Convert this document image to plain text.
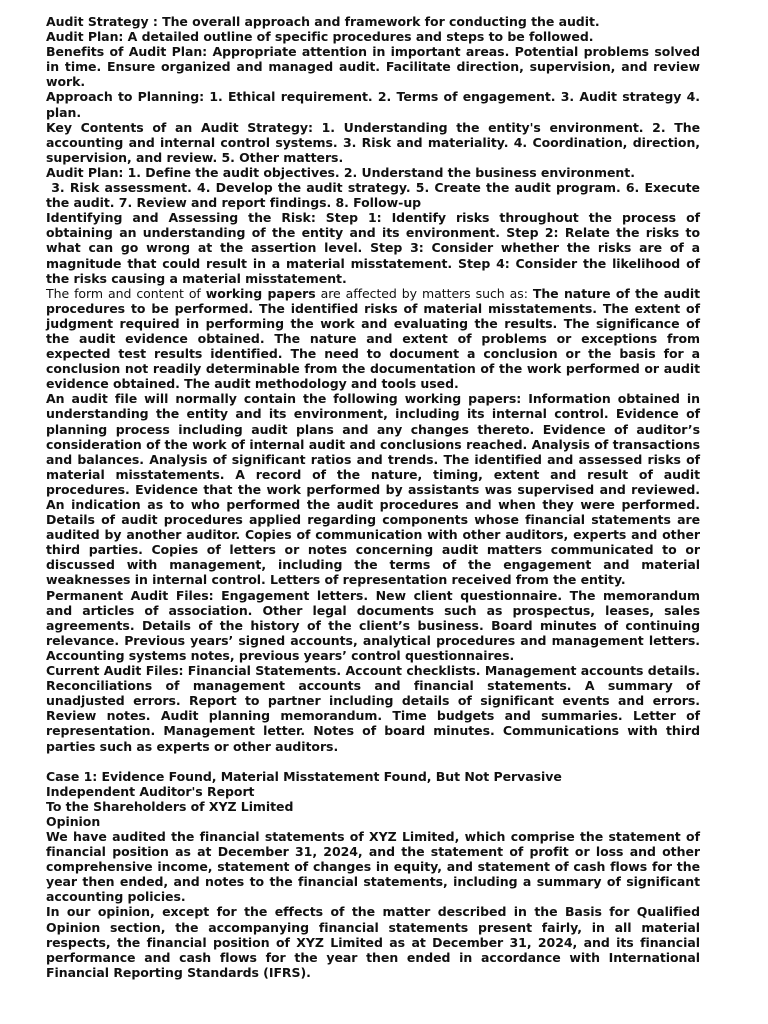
Audit Strategy : The overall approach and framework for conducting the audit.

Audit Plan: A detailed outline of specific procedures and steps to be followed.

Benefits of Audit Plan: Appropriate attention in important areas. Potential problems solved in time. Ensure organized and managed audit. Facilitate direction, supervision, and review work.

Approach to Planning: 1. Ethical requirement. 2. Terms of engagement. 3. Audit strategy 4. plan.

Key Contents of an Audit Strategy: 1. Understanding the entity's environment. 2. The accounting and internal control systems. 3. Risk and materiality. 4. Coordination, direction, supervision, and review. 5. Other matters.

Audit Plan: 1. Define the audit objectives. 2. Understand the business environment.

3. Risk assessment. 4. Develop the audit strategy. 5. Create the audit program. 6. Execute the audit. 7. Review and report findings. 8. Follow-up

Identifying and Assessing the Risk: Step 1: Identify risks throughout the process of obtaining an understanding of the entity and its environment. Step 2: Relate the risks to what can go wrong at the assertion level. Step 3: Consider whether the risks are of a magnitude that could result in a material misstatement. Step 4: Consider the likelihood of the risks causing a material misstatement.

The form and content of working papers are affected by matters such as: The nature of the audit procedures to be performed. The identified risks of material misstatements. The extent of judgment required in performing the work and evaluating the results. The significance of the audit evidence obtained. The nature and extent of problems or exceptions from expected test results identified. The need to document a conclusion or the basis for a conclusion not readily determinable from the documentation of the work performed or audit evidence obtained. The audit methodology and tools used.

An audit file will normally contain the following working papers: Information obtained in understanding the entity and its environment, including its internal control. Evidence of planning process including audit plans and any changes thereto. Evidence of auditor’s consideration of the work of internal audit and conclusions reached. Analysis of transactions and balances. Analysis of significant ratios and trends. The identified and assessed risks of material misstatements. A record of the nature, timing, extent and result of audit procedures. Evidence that the work performed by assistants was supervised and reviewed. An indication as to who performed the audit procedures and when they were performed. Details of audit procedures applied regarding components whose financial statements are audited by another auditor. Copies of communication with other auditors, experts and other third parties. Copies of letters or notes concerning audit matters communicated to or discussed with management, including the terms of the engagement and material weaknesses in internal control. Letters of representation received from the entity.

Permanent Audit Files: Engagement letters. New client questionnaire. The memorandum and articles of association. Other legal documents such as prospectus, leases, sales agreements. Details of the history of the client’s business. Board minutes of continuing relevance. Previous years’ signed accounts, analytical procedures and management letters. Accounting systems notes, previous years’ control questionnaires.

Current Audit Files: Financial Statements. Account checklists. Management accounts details. Reconciliations of management accounts and financial statements. A summary of unadjusted errors. Report to partner including details of significant events and errors. Review notes. Audit planning memorandum. Time budgets and summaries. Letter of representation. Management letter. Notes of board minutes. Communications with third parties such as experts or other auditors.

Case 1: Evidence Found, Material Misstatement Found, But Not Pervasive

Independent Auditor's Report

To the Shareholders of XYZ Limited

Opinion

We have audited the financial statements of XYZ Limited, which comprise the statement of financial position as at December 31, 2024, and the statement of profit or loss and other comprehensive income, statement of changes in equity, and statement of cash flows for the year then ended, and notes to the financial statements, including a summary of significant accounting policies.

In our opinion, except for the effects of the matter described in the Basis for Qualified Opinion section, the accompanying financial statements present fairly, in all material respects, the financial position of XYZ Limited as at December 31, 2024, and its financial performance and cash flows for the year then ended in accordance with International Financial Reporting Standards (IFRS).
